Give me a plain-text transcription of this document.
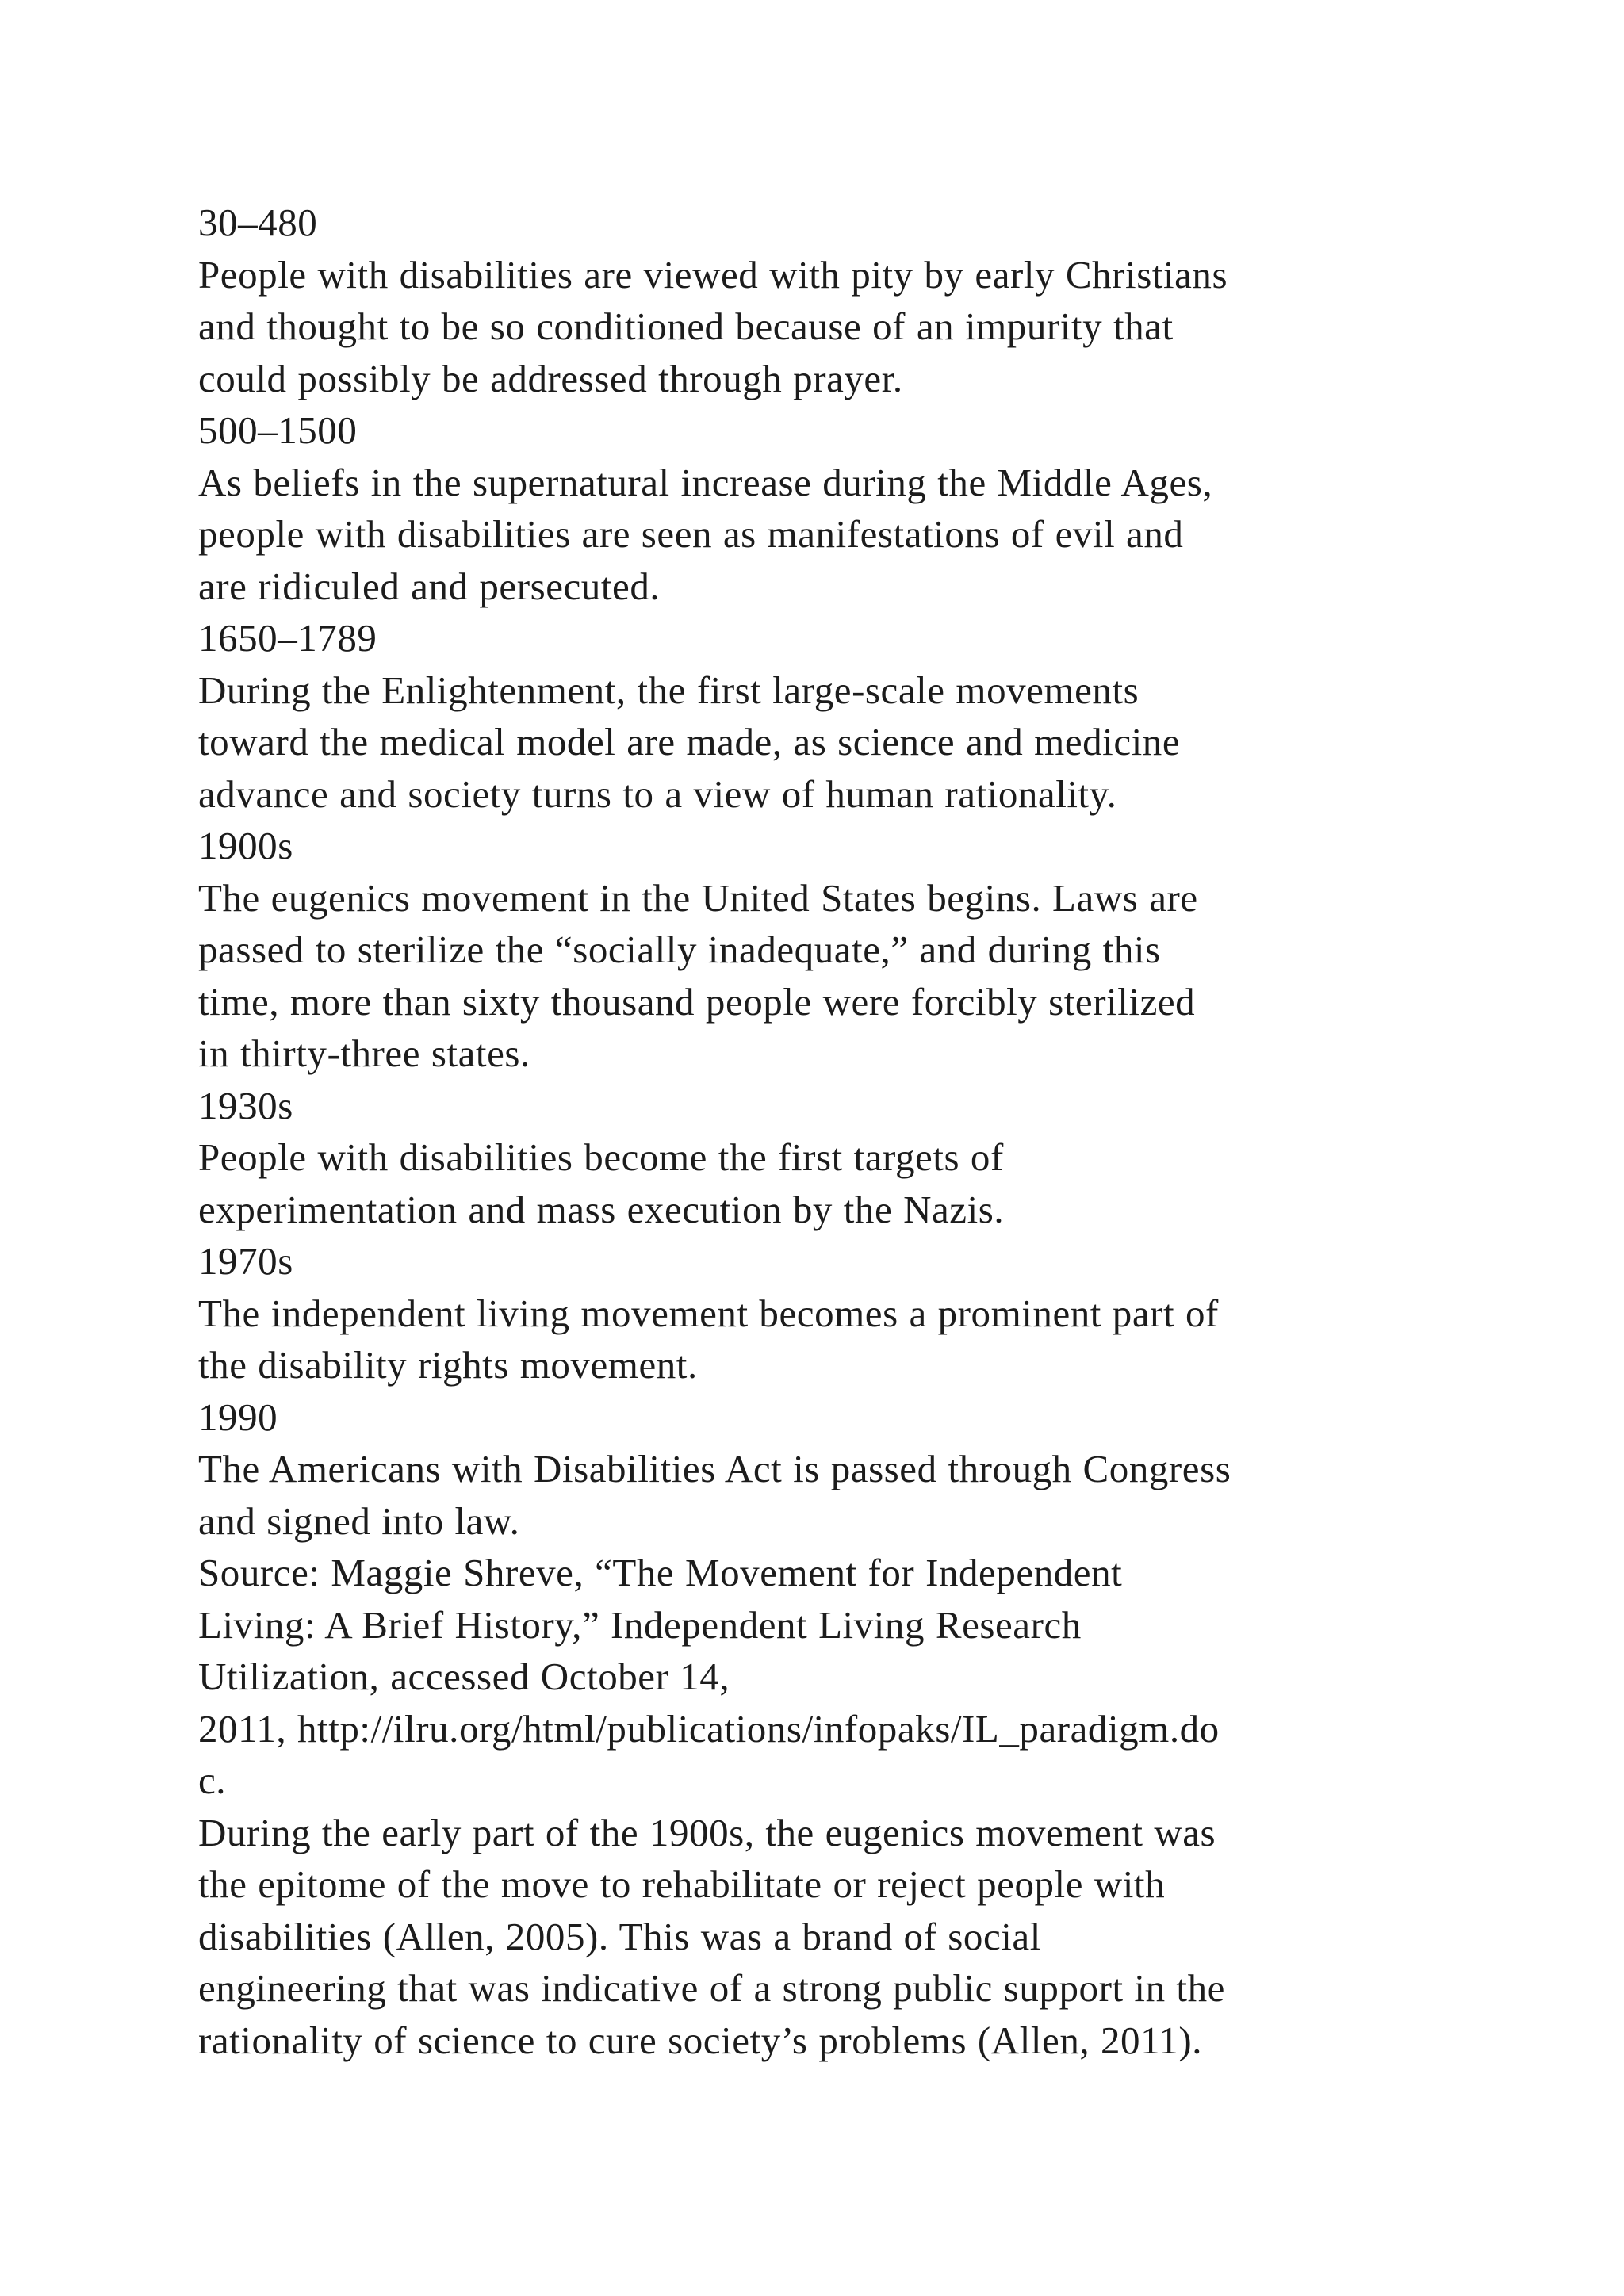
30–480

People with disabilities are viewed with pity by early Christians

and thought to be so conditioned because of an impurity that

could possibly be addressed through prayer.

500–1500

As beliefs in the supernatural increase during the Middle Ages,

people with disabilities are seen as manifestations of evil and

are ridiculed and persecuted.

1650–1789

During the Enlightenment, the first large-scale movements

toward the medical model are made, as science and medicine

advance and society turns to a view of human rationality.

1900s

The eugenics movement in the United States begins. Laws are

passed to sterilize the “socially inadequate,” and during this

time, more than sixty thousand people were forcibly sterilized

in thirty-three states.

1930s

People with disabilities become the first targets of

experimentation and mass execution by the Nazis.

1970s

The independent living movement becomes a prominent part of

the disability rights movement.

1990

The Americans with Disabilities Act is passed through Congress

and signed into law.

Source: Maggie Shreve, “The Movement for Independent

Living: A Brief History,” Independent Living Research

Utilization, accessed October 14,

2011, http://ilru.org/html/publications/infopaks/IL_paradigm.do

c.

During the early part of the 1900s, the eugenics movement was

the epitome of the move to rehabilitate or reject people with

disabilities (Allen, 2005). This was a brand of social

engineering that was indicative of a strong public support in the

rationality of science to cure society’s problems (Allen, 2011).
